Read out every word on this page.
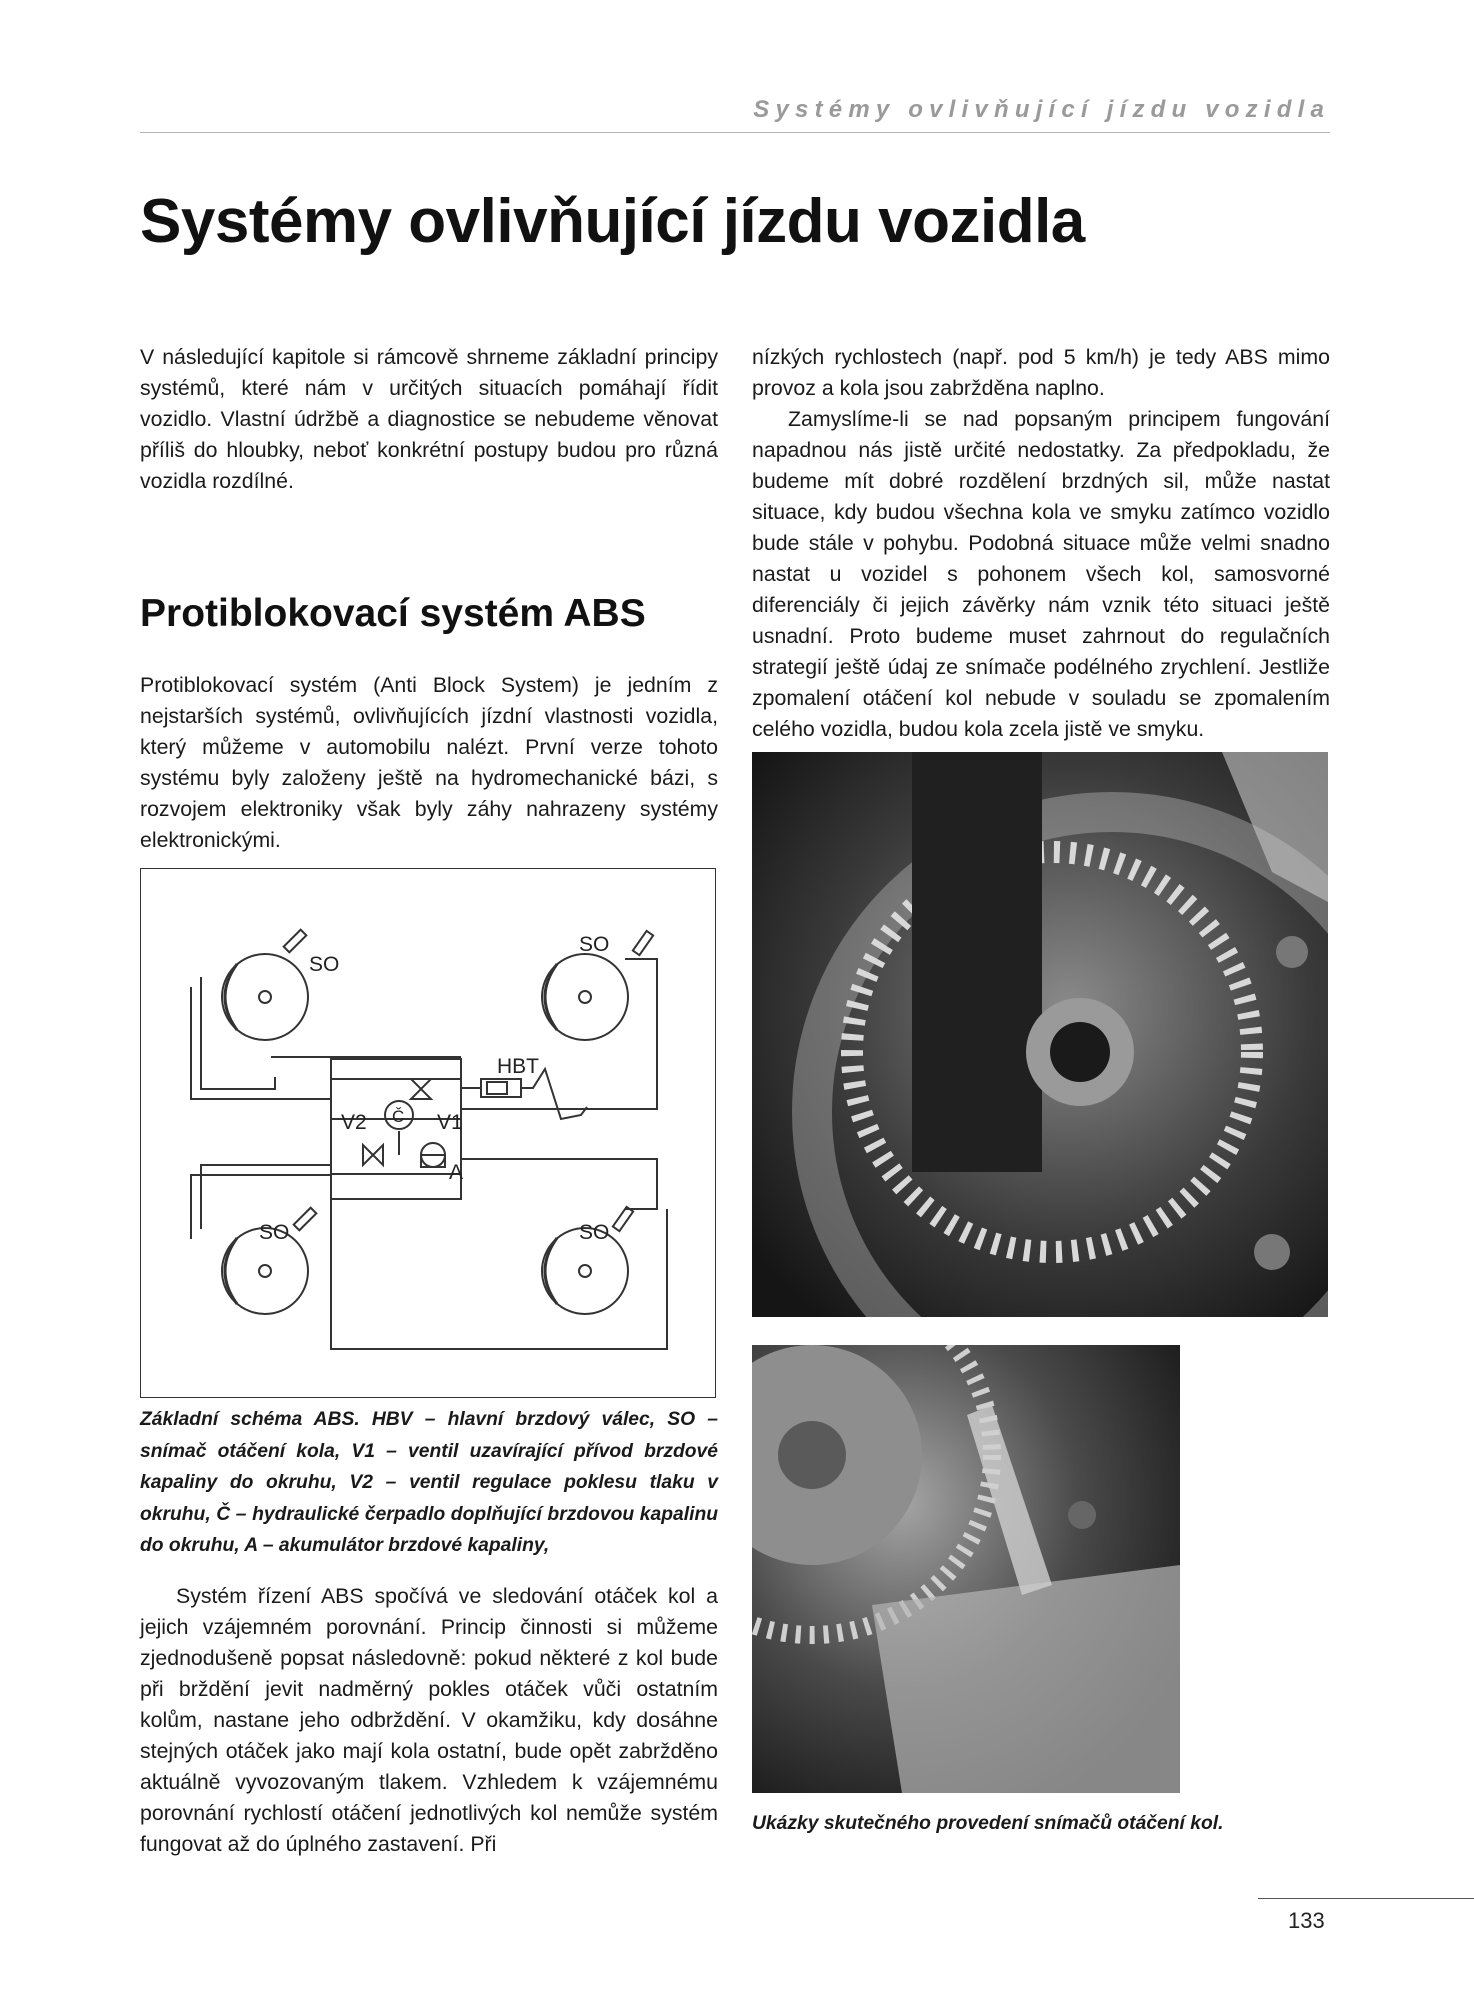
Systémy ovlivňující jízdu vozidla
Systémy ovlivňující jízdu vozidla

V následující kapitole si rámcově shrneme základní principy systémů, které nám v určitých situacích pomáhají řídit vozidlo. Vlastní údržbě a diagnostice se nebudeme věnovat příliš do hloubky, neboť konkrétní postupy budou pro různá vozidla rozdílné.

Protiblokovací systém ABS

Protiblokovací systém (Anti Block System) je jedním z nejstarších systémů, ovlivňujících jízdní vlastnosti vozidla, který můžeme v automobilu nalézt. První verze tohoto systému byly založeny ještě na hydromechanické bázi, s rozvojem elektroniky však byly záhy nahrazeny systémy elektronickými.

SO
SO
SO	SO
HBT
V1
V2 Č
A
Základní schéma ABS. HBV – hlavní brzdový válec, SO – snímač otáčení kola, V1 – ventil uzavírající přívod brzdové kapaliny do okruhu, V2 – ventil regulace poklesu tlaku v okruhu, Č – hydraulické čerpadlo doplňující brzdovou kapalinu do okruhu, A – akumulátor brzdové kapaliny,

Systém řízení ABS spočívá ve sledování otáček kol a jejich vzájemném porovnání. Princip činnosti si můžeme zjednodušeně popsat následovně: pokud některé z kol bude při brždění jevit nadměrný pokles otáček vůči ostatním kolům, nastane jeho odbrždění. V okamžiku, kdy dosáhne stejných otáček jako mají kola ostatní, bude opět zabržděno aktuálně vyvozovaným tlakem. Vzhledem k vzájemnému porovnání rychlostí otáčení jednotlivých kol nemůže systém fungovat až do úplného zastavení. Při

nízkých rychlostech (např. pod 5 km/h) je tedy ABS mimo provoz a kola jsou zabržděna naplno.

Zamyslíme-li se nad popsaným principem fungování napadnou nás jistě určité nedostatky. Za předpokladu, že budeme mít dobré rozdělení brzdných sil, může nastat situace, kdy budou všechna kola ve smyku zatímco vozidlo bude stále v pohybu. Podobná situace může velmi snadno nastat u vozidel s pohonem všech kol, samosvorné diferenciály či jejich závěrky nám vznik této situaci ještě usnadní. Proto budeme muset zahrnout do regulačních strategií ještě údaj ze snímače podélného zrychlení. Jestliže zpomalení otáčení kol nebude v souladu se zpomalením celého vozidla, budou kola zcela jistě ve smyku.

Ukázky skutečného provedení snímačů otáčení kol.
133
